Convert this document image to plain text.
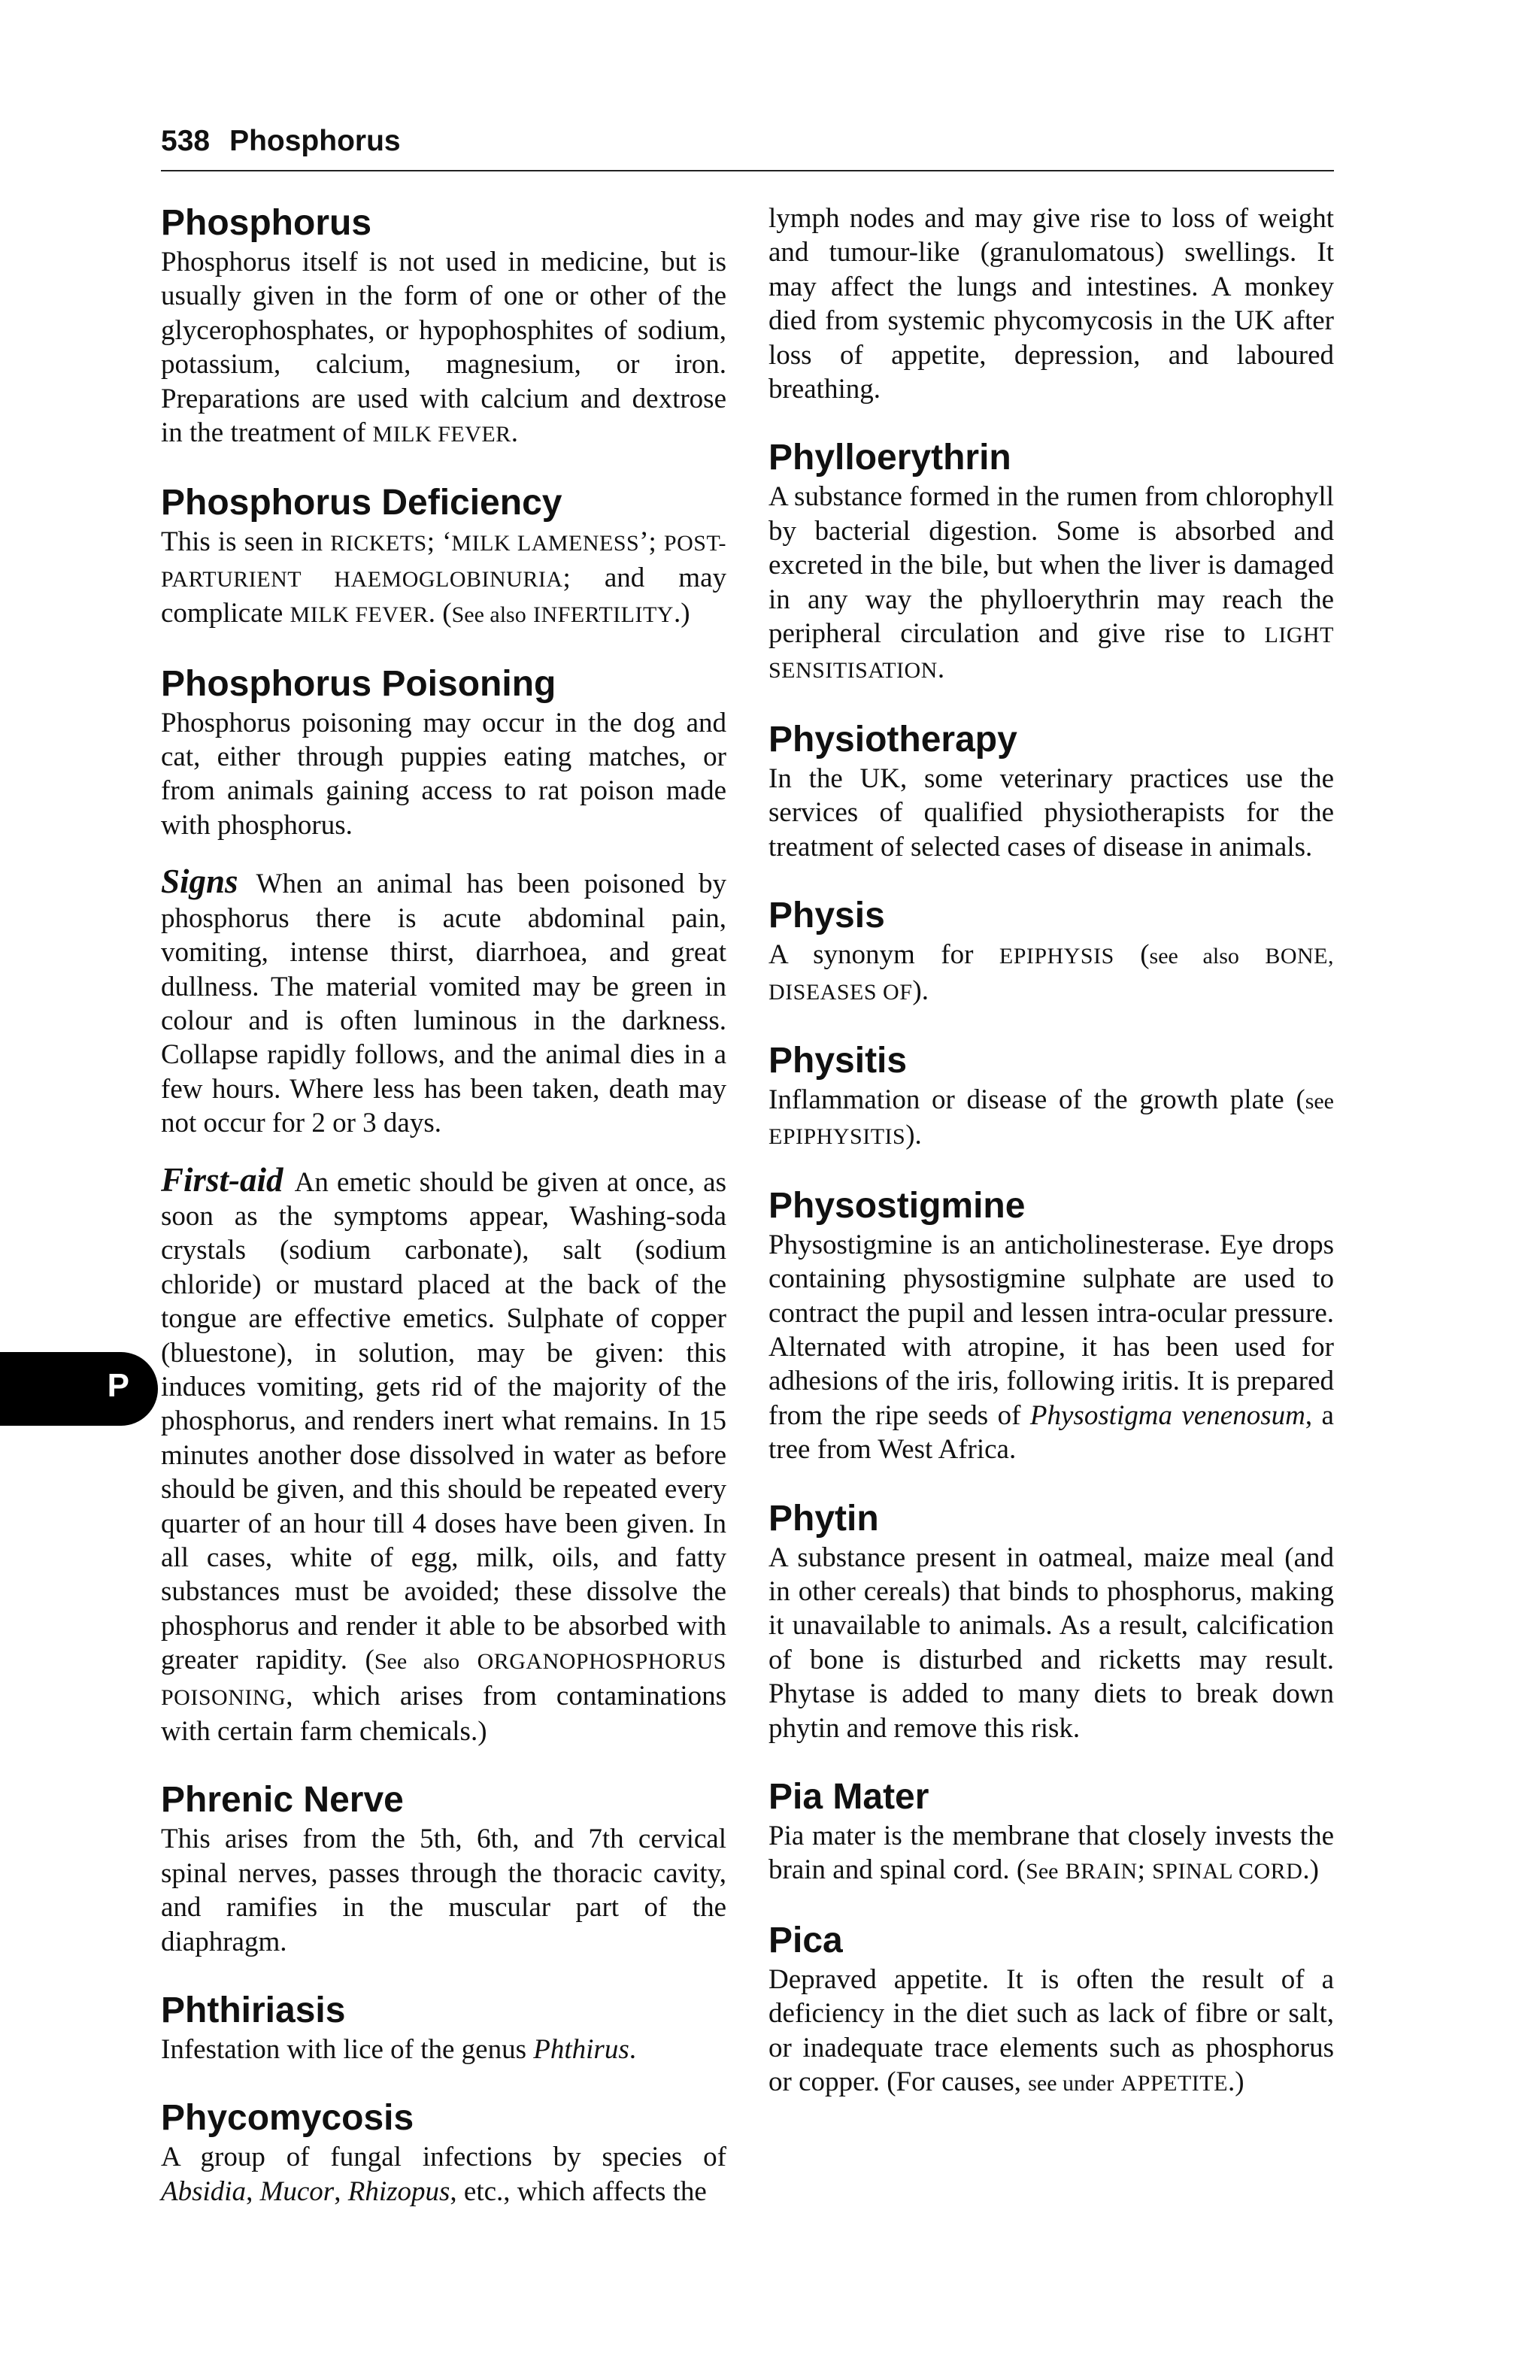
538 Phosphorus
P
Phosphorus

Phosphorus itself is not used in medicine, but is usually given in the form of one or other of the glycerophosphates, or hypophosphites of sodium, potassium, calcium, magnesium, or iron. Preparations are used with calcium and dextrose in the treatment of MILK FEVER.

Phosphorus Deficiency

This is seen in RICKETS; ‘MILK LAMENESS’; POST-PARTURIENT HAEMOGLOBINURIA; and may complicate MILK FEVER. (See also INFERTILITY.)

Phosphorus Poisoning

Phosphorus poisoning may occur in the dog and cat, either through puppies eating matches, or from animals gaining access to rat poison made with phosphorus.

Signs When an animal has been poisoned by phosphorus there is acute abdominal pain, vomiting, intense thirst, diarrhoea, and great dullness. The material vomited may be green in colour and is often luminous in the darkness. Collapse rapidly follows, and the animal dies in a few hours. Where less has been taken, death may not occur for 2 or 3 days.

First-aid An emetic should be given at once, as soon as the symptoms appear, Washing-soda crystals (sodium carbonate), salt (sodium chloride) or mustard placed at the back of the tongue are effective emetics. Sulphate of copper (bluestone), in solution, may be given: this induces vomiting, gets rid of the majority of the phosphorus, and renders inert what remains. In 15 minutes another dose dissolved in water as before should be given, and this should be repeated every quarter of an hour till 4 doses have been given. In all cases, white of egg, milk, oils, and fatty substances must be avoided; these dissolve the phosphorus and render it able to be absorbed with greater rapidity. (See also ORGANOPHOSPHORUS POISONING, which arises from contaminations with certain farm chemicals.)

Phrenic Nerve

This arises from the 5th, 6th, and 7th cervical spinal nerves, passes through the thoracic cavity, and ramifies in the muscular part of the diaphragm.

Phthiriasis

Infestation with lice of the genus Phthirus.

Phycomycosis

A group of fungal infections by species of Absidia, Mucor, Rhizopus, etc., which affects the

lymph nodes and may give rise to loss of weight and tumour-like (granulomatous) swellings. It may affect the lungs and intestines. A monkey died from systemic phycomycosis in the UK after loss of appetite, depression, and laboured breathing.

Phylloerythrin

A substance formed in the rumen from chlorophyll by bacterial digestion. Some is absorbed and excreted in the bile, but when the liver is damaged in any way the phylloerythrin may reach the peripheral circulation and give rise to LIGHT SENSITISATION.

Physiotherapy

In the UK, some veterinary practices use the services of qualified physiotherapists for the treatment of selected cases of disease in animals.

Physis

A synonym for EPIPHYSIS (see also BONE, DISEASES OF).

Physitis

Inflammation or disease of the growth plate (see EPIPHYSITIS).

Physostigmine

Physostigmine is an anticholinesterase. Eye drops containing physostigmine sulphate are used to contract the pupil and lessen intra-ocular pressure. Alternated with atropine, it has been used for adhesions of the iris, following iritis. It is prepared from the ripe seeds of Physostigma venenosum, a tree from West Africa.

Phytin

A substance present in oatmeal, maize meal (and in other cereals) that binds to phosphorus, making it unavailable to animals. As a result, calcification of bone is disturbed and ricketts may result. Phytase is added to many diets to break down phytin and remove this risk.

Pia Mater

Pia mater is the membrane that closely invests the brain and spinal cord. (See BRAIN; SPINAL CORD.)

Pica

Depraved appetite. It is often the result of a deficiency in the diet such as lack of fibre or salt, or inadequate trace elements such as phosphorus or copper. (For causes, see under APPETITE.)
